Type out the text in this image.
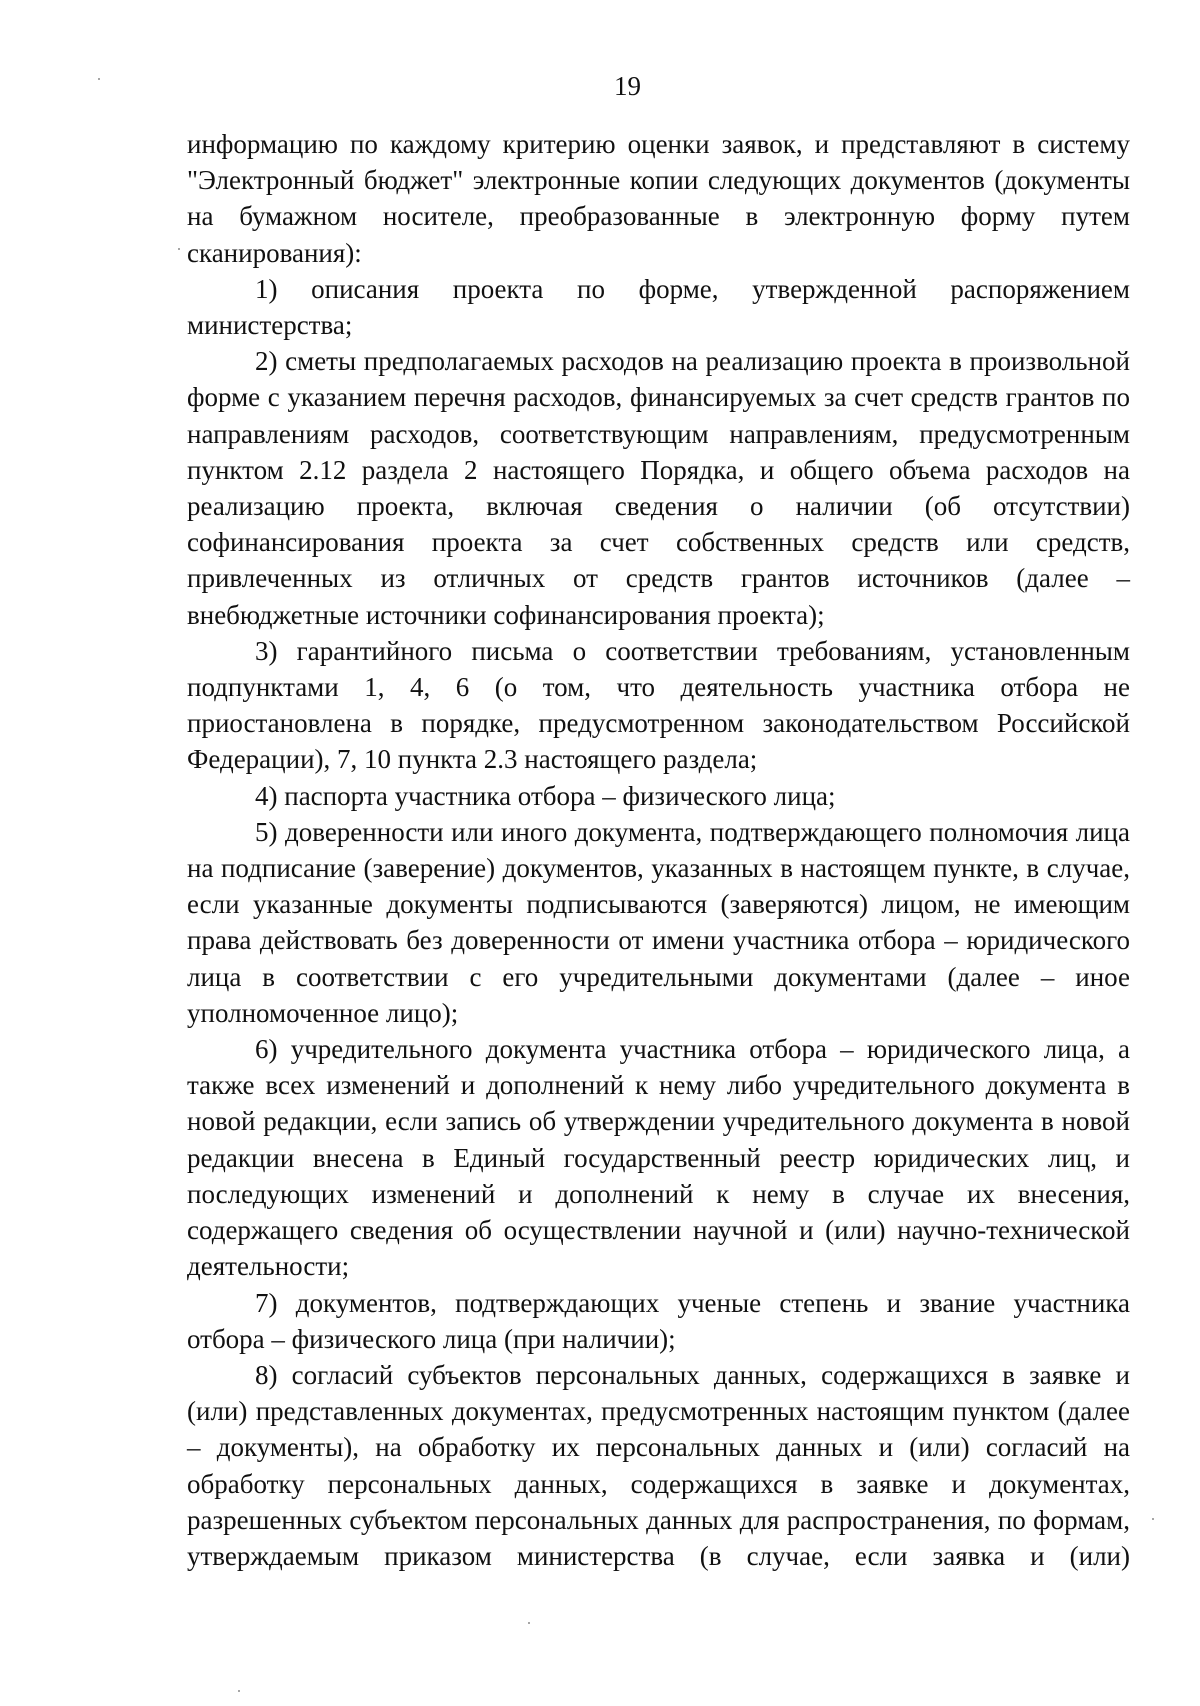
19

информацию по каждому критерию оценки заявок, и представляют в систему "Электронный бюджет" электронные копии следующих документов (документы на бумажном носителе, преобразованные в электронную форму путем сканирования):

1) описания проекта по форме, утвержденной распоряжением министерства;

2) сметы предполагаемых расходов на реализацию проекта в произвольной форме с указанием перечня расходов, финансируемых за счет средств грантов по направлениям расходов, соответствующим направлениям, предусмотренным пунктом 2.12 раздела 2 настоящего Порядка, и общего объема расходов на реализацию проекта, включая сведения о наличии (об отсутствии) софинансирования проекта за счет собственных средств или средств, привлеченных из отличных от средств грантов источников (далее – внебюджетные источники софинансирования проекта);

3) гарантийного письма о соответствии требованиям, установленным подпунктами 1, 4, 6 (о том, что деятельность участника отбора не приостановлена в порядке, предусмотренном законодательством Российской Федерации), 7, 10 пункта 2.3 настоящего раздела;

4) паспорта участника отбора – физического лица;

5) доверенности или иного документа, подтверждающего полномочия лица на подписание (заверение) документов, указанных в настоящем пункте, в случае, если указанные документы подписываются (заверяются) лицом, не имеющим права действовать без доверенности от имени участника отбора – юридического лица в соответствии с его учредительными документами (далее – иное уполномоченное лицо);

6) учредительного документа участника отбора – юридического лица, а также всех изменений и дополнений к нему либо учредительного документа в новой редакции, если запись об утверждении учредительного документа в новой редакции внесена в Единый государственный реестр юридических лиц, и последующих изменений и дополнений к нему в случае их внесения, содержащего сведения об осуществлении научной и (или) научно-технической деятельности;

7) документов, подтверждающих ученые степень и звание участника отбора – физического лица (при наличии);

8) согласий субъектов персональных данных, содержащихся в заявке и (или) представленных документах, предусмотренных настоящим пунктом (далее – документы), на обработку их персональных данных и (или) согласий на обработку персональных данных, содержащихся в заявке и документах, разрешенных субъектом персональных данных для распространения, по формам, утверждаемым приказом министерства (в случае, если заявка и (или)
